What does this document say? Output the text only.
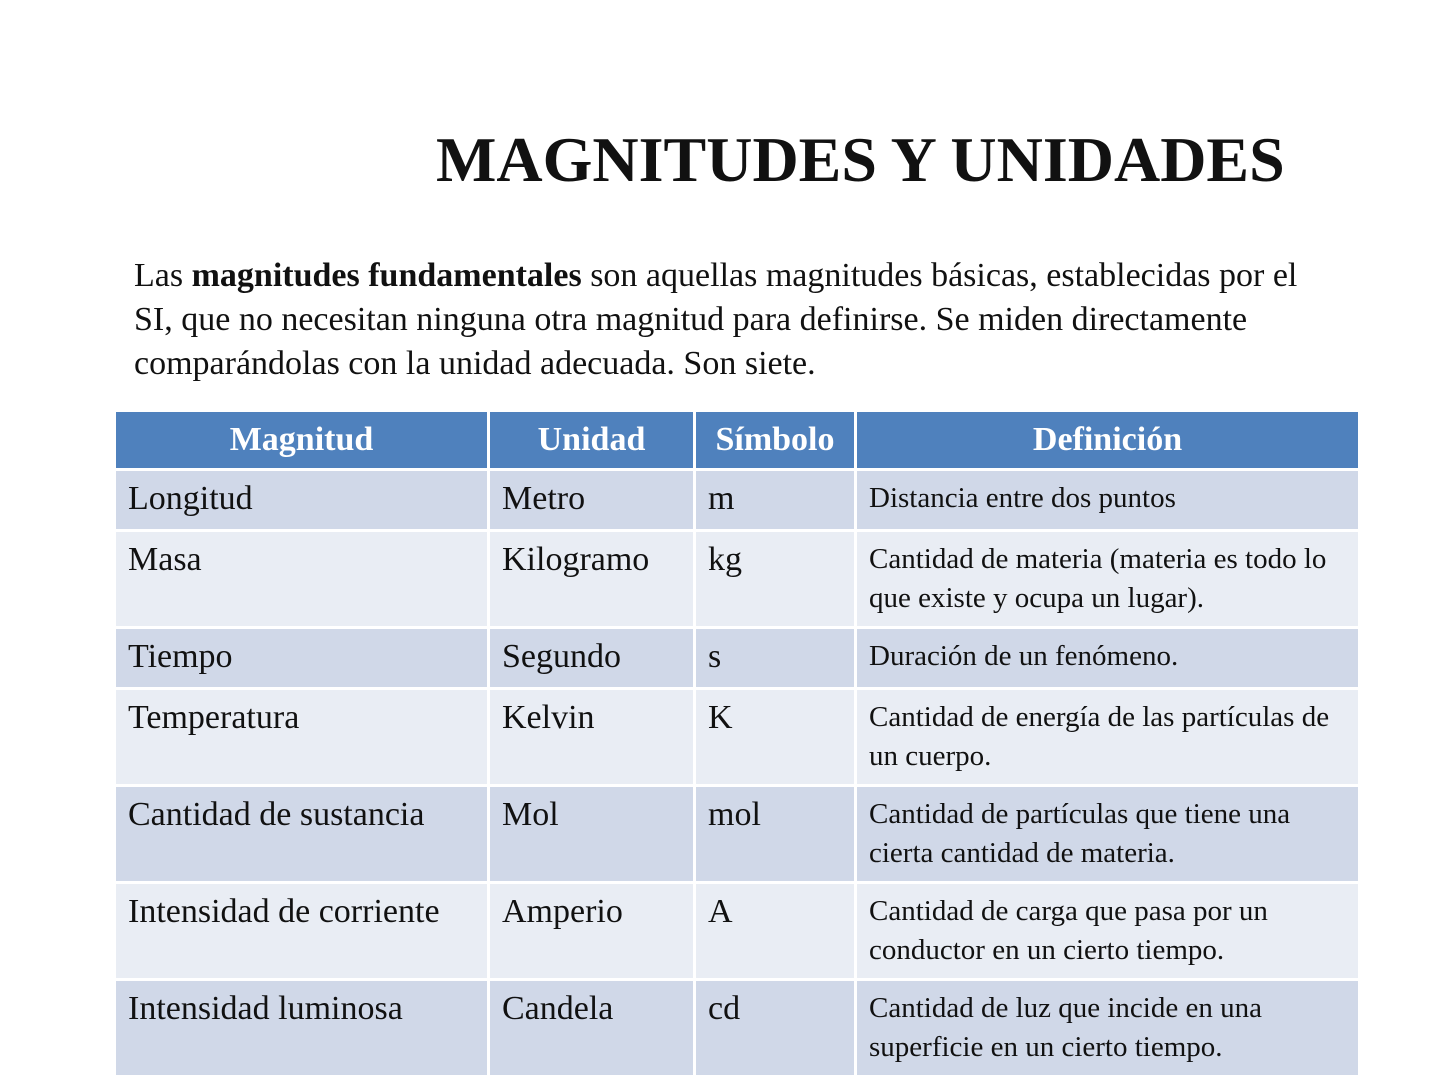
MAGNITUDES Y UNIDADES
Las magnitudes fundamentales son aquellas magnitudes básicas, establecidas por el SI, que no necesitan ninguna otra magnitud para definirse. Se miden directamente comparándolas con la unidad adecuada. Son siete.
Magnitud	Unidad	Símbolo	Definición
Longitud	Metro	m	Distancia entre dos puntos
Masa	Kilogramo	kg	Cantidad de materia (materia es todo lo que existe y ocupa un lugar).
Tiempo	Segundo	s	Duración de un fenómeno.
Temperatura	Kelvin	K	Cantidad de energía de las partículas de un cuerpo.
Cantidad de sustancia	Mol	mol	Cantidad de partículas que tiene una cierta cantidad de materia.
Intensidad de corriente	Amperio	A	Cantidad de carga que pasa por un conductor en un cierto tiempo.
Intensidad luminosa	Candela	cd	Cantidad de luz que incide en una superficie en un cierto tiempo.
